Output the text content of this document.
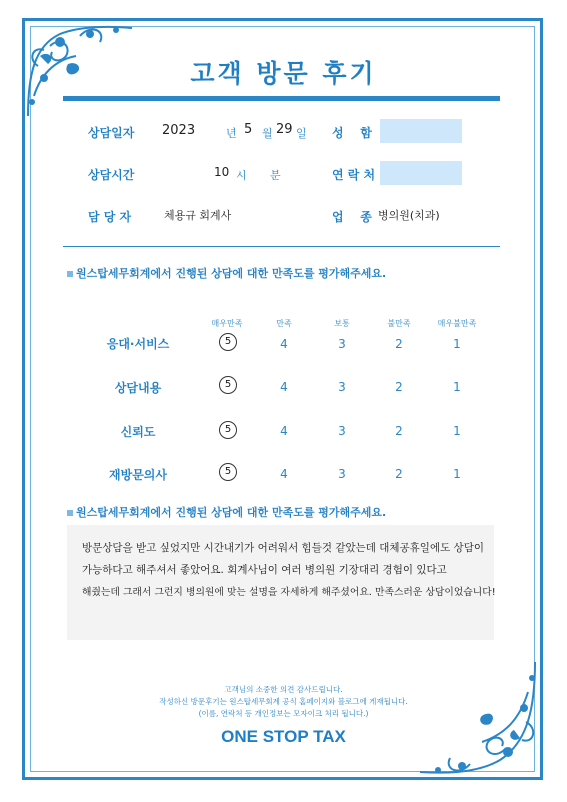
고객 방문 후기
상담일자 2023	년 5 월 29 일 성    함
상담시간	10 시 분	연 락 처
담 당 자	체용규 회계사	업    종 병의원(치과)
원스탑세무회계에서 진행된 상담에 대한 만족도를 평가해주세요.
매우만족	만족	보통	불만족	매우불만족
응대·서비스	5	4	3	2	1
상담내용	5	4	3	2	1
신뢰도	5	4	3	2	1
재방문의사	5	4	3	2	1
원스탑세무회계에서 진행된 상담에 대한 만족도를 평가해주세요.
방문상담을 받고 싶었지만 시간내기가 어려워서 힘들것 같았는데 대체공휴일에도 상담이
가능하다고 해주셔서 좋았어요. 회계사님이 여러 병의원 기장대리 경험이 있다고
해줬는데 그래서 그런지 병의원에 맞는 설명을 자세하게 해주셨어요. 만족스러운 상담이었습니다!
고객님의 소중한 의견 감사드립니다.
작성하신 방문후기는 원스탑세무회계 공식 홈페이지와 블로그에 게재됩니다.
(이름, 연락처 등 개인정보는 모자이크 처리 됩니다.)
ONE STOP TAX
